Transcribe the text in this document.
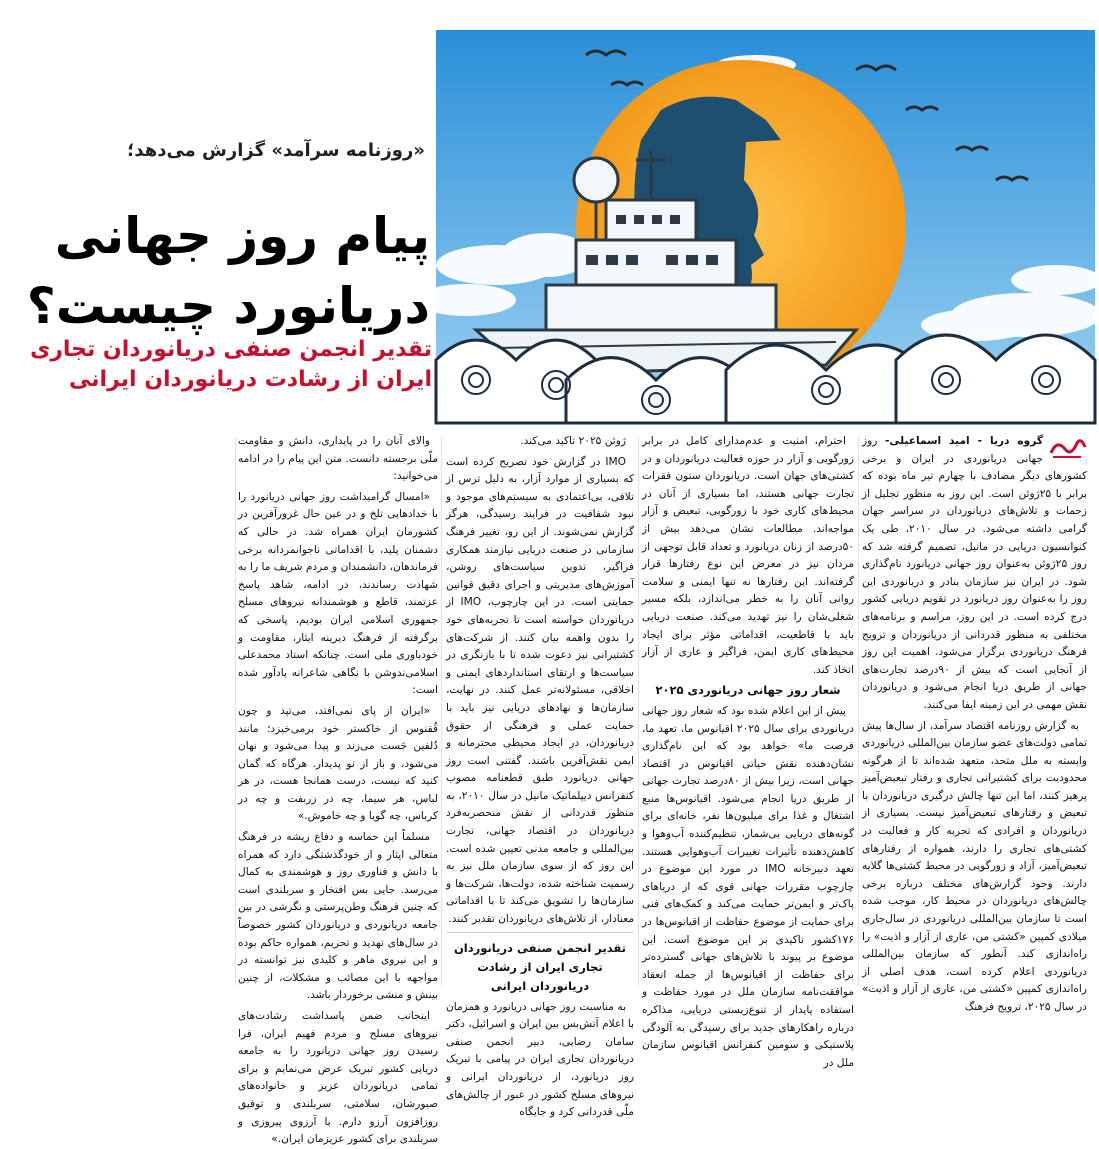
«روزنامه سرآمد» گزارش می‌دهد؛
پیام روز جهانی
دریانورد چیست؟
تقدیر انجمن صنفی دریانوردان تجاری ایران از رشادت دریانوردان ایرانی

گروه دریا - امید اسماعیلی- روز جهانی دریانوردی در ایران و برخی کشورهای دیگر مصادف با چهارم تیر ماه بوده که برابر با ۲۵ژوئن است. این روز به منظور تجلیل از زحمات و تلاش‌های دریانوردان در سراسر جهان گرامی داشته می‌شود. در سال ۲۰۱۰، طی یک کنوانسیون دریایی در مانیل، تصمیم گرفته شد که روز ۲۵ژوئن به‌عنوان روز جهانی دریانورد نام‌گذاری شود. در ایران نیز سازمان بنادر و دریانوردی این روز را به‌عنوان روز دریانورد در تقویم دریایی کشور درج کرده است. در این روز، مراسم و برنامه‌های مختلفی به منظور قدردانی از دریانوردان و ترویج فرهنگ دریانوردی برگزار می‌شود. اهمیت این روز از آنجایی است که بیش از ۹۰درصد تجارت‌های جهانی از طریق دریا انجام می‌شود و دریانوردان نقش مهمی در این زمینه ایفا می‌کنند.

به گزارش روزنامه اقتصاد سرآمد، از سال‌ها پیش تمامی دولت‌های عضو سازمان بین‌المللی دریانوردی وابسته به ملل متحد، متعهد شده‌اند تا از هرگونه محدودیت برای کشتیرانی تجاری و رفتار تبعیض‌آمیز پرهیز کنند، اما این تنها چالش درگیری دریانوردان با تبعیض و رفتارهای تبعیض‌آمیز نیست. بسیاری از دریانوردان و افرادی که تجربه کار و فعالیت در کشتی‌های تجاری را دارند، همواره از رفتارهای تبعیض‌آمیز، آزاد و زورگویی در محیط کشتی‌ها گلایه دارند. وجود گزارش‌های مختلف درباره برخی چالش‌های دریانوردان در محیط کار، موجب شده است تا سازمان بین‌المللی دریانوردی در سال‌جاری میلادی کمپین «کشتی من، عاری از آزار و اذیت» را راه‌اندازی کند. آنطور که سازمان بین‌المللی دریانوردی اعلام کرده است، هدف اصلی از راه‌اندازی کمپین «کشتی من، عاری از آزار و اذیت» در سال ۲۰۲۵، ترویج فرهنگ

احترام، امنیت و عدم‌مدارای کامل در برابر زورگویی و آزار در حوزه فعالیت دریانوردان و در کشتی‌های جهان است. دریانوردان ستون فقرات تجارت جهانی هستند، اما بسیاری از آنان در محیط‌های کاری خود با زورگویی، تبعیض و آزار مواجه‌اند. مطالعات نشان می‌دهد بیش از ۵۰درصد از زنان دریانورد و تعداد قابل توجهی از مردان نیز در معرض این نوع رفتارها قرار گرفته‌اند. این رفتارها نه تنها ایمنی و سلامت روانی آنان را به خطر می‌اندازد، بلکه مسیر شغلی‌شان را نیز تهدید می‌کند. صنعت دریایی باید با قاطعیت، اقداماتی مؤثر برای ایجاد محیط‌های کاری ایمن، فراگیر و عاری از آزار اتخاذ کند.

شعار روز جهانی دریانوردی ۲۰۲۵

پیش از این اعلام شده بود که شعار روز جهانی دریانوردی برای سال ۲۰۲۵ اقیانوس ما، تعهد ما، فرصت ما» خواهد بود که این نام‌گذاری نشان‌دهنده نقش حیاتی اقیانوس در اقتصاد جهانی است، زیرا بیش از ۸۰درصد تجارت جهانی از طریق دریا انجام می‌شود. اقیانوس‌ها منبع اشتغال و غذا برای میلیون‌ها نفر، خانه‌ای برای گونه‌های دریایی بی‌شمار، تنظیم‌کننده آب‌وهوا و کاهش‌دهنده تأثیرات تغییرات آب‌وهوایی هستند. تعهد دبیرخانه IMO در مورد این موضوع در چارچوب مقررات جهانی قوی که از دریاهای پاک‌تر و ایمن‌تر حمایت می‌کند و کمک‌های فنی برای حمایت از موضوع حفاظت از اقیانوس‌ها در ۱۷۶کشور تاکیدی بر این موضوع است. این موضوع بر پیوند با تلاش‌های جهانی گسترده‌تر برای حفاظت از اقیانوس‌ها از جمله انعقاد موافقت‌نامه سازمان ملل در مورد حفاظت و استفاده پایدار از تنوع‌زیستی دریایی، مذاکره درباره راهکارهای جدید برای رسیدگی به آلودگی پلاستیکی و سومین کنفرانس اقیانوس سازمان ملل در

ژوئن ۲۰۲۵ تاکید می‌کند.

IMO در گزارش خود تصریح کرده است که بسیاری از موارد آزار، به دلیل ترس از تلافی، بی‌اعتمادی به سیستم‌های موجود و نبود شفافیت در فرایند رسیدگی، هرگز گزارش نمی‌شوند. از این رو، تغییر فرهنگ سازمانی در صنعت دریایی نیازمند همکاری فراگیر، تدوین سیاست‌های روشن، آموزش‌های مدیریتی و اجرای دقیق قوانین حمایتی است. در این چارچوب، IMO از دریانوردان خواسته است تا تجربه‌های خود را بدون واهمه بیان کنند. از شرکت‌های کشتیرانی نیز دعوت شده تا با بازنگری در سیاست‌ها و ارتقای استانداردهای ایمنی و اخلاقی، مسئولانه‌تر عمل کنند. در نهایت، سازمان‌ها و نهادهای دریایی نیز باید با حمایت عملی و فرهنگی از حقوق دریانوردان، در ایجاد محیطی محترمانه و ایمن نقش‌آفرین باشند. گفتنی است روز جهانی دریانورد طبق قطعنامه مصوب کنفرانس دیپلماتیک مانیل در سال ۲۰۱۰، به منظور قدردانی از نقش منحصربه‌فرد دریانوردان در اقتصاد جهانی، تجارت بین‌المللی و جامعه مدنی تعیین شده است. این روز که از سوی سازمان ملل نیز به رسمیت شناخته شده، دولت‌ها، شرکت‌ها و سازمان‌ها را تشویق می‌کند تا با اقداماتی معنادار، از تلاش‌های دریانوردان تقدیر کنند.

تقدیر انجمن صنفی دریانوردان تجاری ایران از رشادت دریانوردان ایرانی

به مناسبت روز جهانی دریانورد و همزمان با اعلام آتش‌بس بین ایران و اسرائیل، دکتر سامان رضایی، دبیر انجمن صنفی دریانوردان تجاری ایران در پیامی با تبریک روز دریانورد، از دریانوردان ایرانی و نیروهای مسلح کشور در عبور از چالش‌های ملّی قدردانی کرد و جایگاه

والای آنان را در پایداری، دانش و مقاومت ملّی برجسته دانست. متن این پیام را در ادامه می‌خوانید:

«امسال گرامیداشت روز جهانی دریانورد را با خدادهایی تلخ و در عین حال غرورآفرین در کشورمان ایران همراه شد. در حالی که دشمنان پلید، با اقداماتی ناجوانمردانه برخی فرماندهان، دانشمندان و مردم شریف ما را به شهادت رساندند، در ادامه، شاهد پاسخ عزتمند، قاطع و هوشمندانه نیروهای مسلح جمهوری اسلامی ایران بودیم، پاسخی که برگرفته از فرهنگ دیرینه ایثار، مقاومت و خودباوری ملی است. چنانکه استاد محمدعلی اسلامی‌ندوشن با نگاهی شاعرانه یادآور شده است:

«ایران از پای نمی‌افتد، می‌تپد و چون قُقنوس از خاکستر خود برمی‌خیزد؛ مانند دُلفین جَست می‌زند و پیدا می‌شود و نهان می‌شود، و باز از نو پدیدار. هرگاه که گمان کنید که نیست، درست همانجا هست، در هر لباس، هر سیما، چه در زربفت و چه در کرباس، چه گویا و چه خاموش.»

مسلماً این حماسه و دفاع ریشه در فرهنگ متعالی ایثار و از خودگذشتگی دارد که همراه با دانش و فناوری روز و هوشمندی به کمال می‌رسد. جایی بس افتخار و سربلندی است که چنین فرهنگ وطن‌پرستی و نگرشی در بین جامعه دریانوردی و دریانوردان کشور خصوصاً در سال‌های تهدید و تحریم، همواره حاکم بوده و این نیروی ماهر و کلیدی نیز توانسته در مواجهه با این مصائب و مشکلات، از چنین بینش و منشی برخوردار باشد.

اینجانب ضمن پاسداشت رشادت‌های نیروهای مسلح و مردم فهیم ایران، فرا رسیدن روز جهانی دریانورد را به جامعه دریایی کشور تبریک عرض می‌نمایم و برای تمامی دریانوردان عزیز و خانواده‌های صبورشان، سلامتی، سربلندی و توفیق روزافزون آرزو دارم. با آرزوی پیروزی و سربلندی برای کشور عزیزمان ایران.»
